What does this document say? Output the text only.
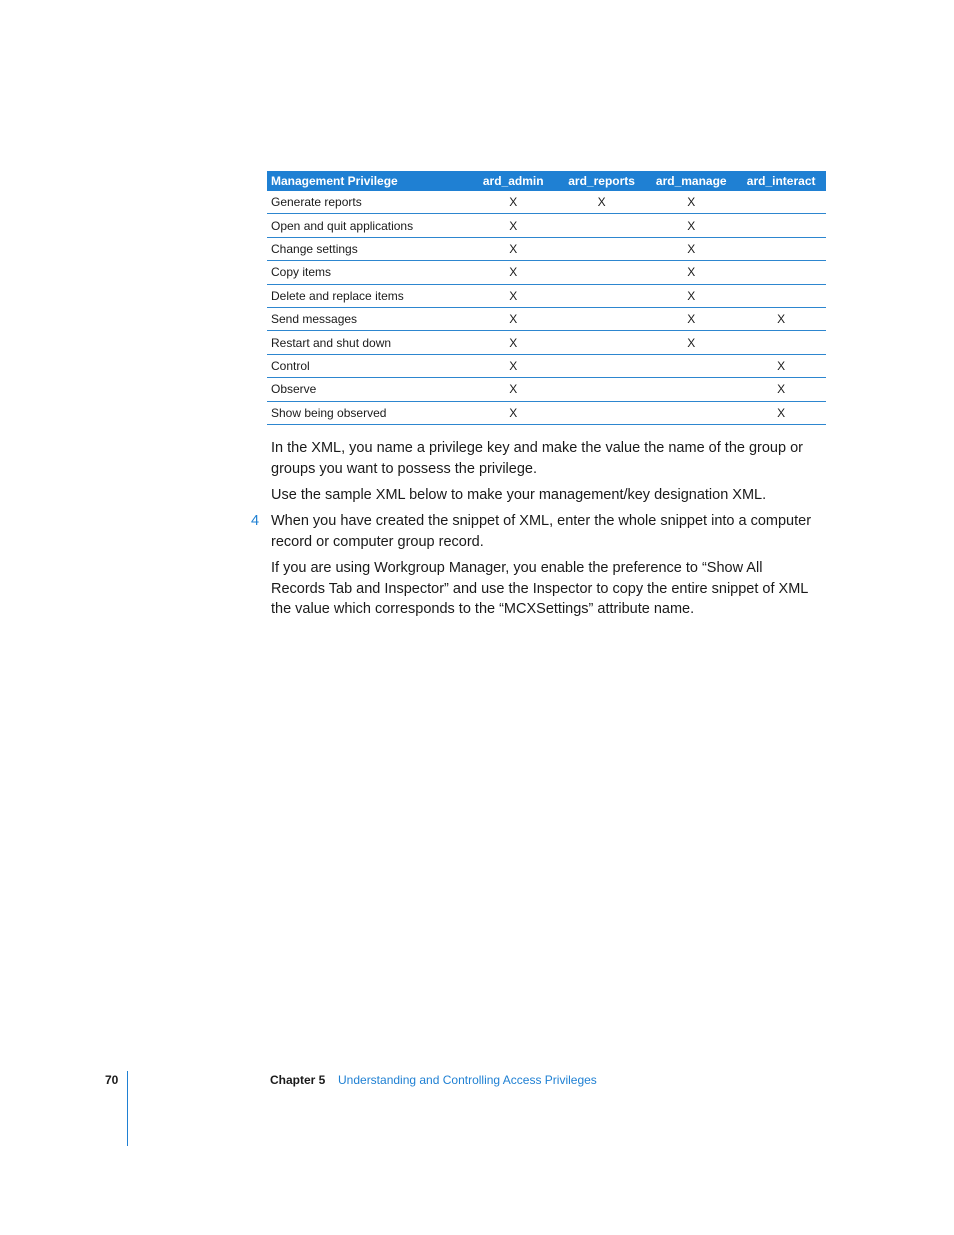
Management Privilege	ard_admin	ard_reports	ard_manage	ard_interact
Generate reports	X	X	X	
Open and quit applications	X		X	
Change settings	X		X	
Copy items	X		X	
Delete and replace items	X		X	
Send messages	X		X	X
Restart and shut down	X		X	
Control	X			X
Observe	X			X
Show being observed	X			X

In the XML, you name a privilege key and make the value the name of the group or groups you want to possess the privilege.

Use the sample XML below to make your management/key designation XML.

4 When you have created the snippet of XML, enter the whole snippet into a computer record or computer group record.

If you are using Workgroup Manager, you enable the preference to “Show All Records Tab and Inspector” and use the Inspector to copy the entire snippet of XML the value which corresponds to the “MCXSettings” attribute name.

70	Chapter 5 Understanding and Controlling Access Privileges
